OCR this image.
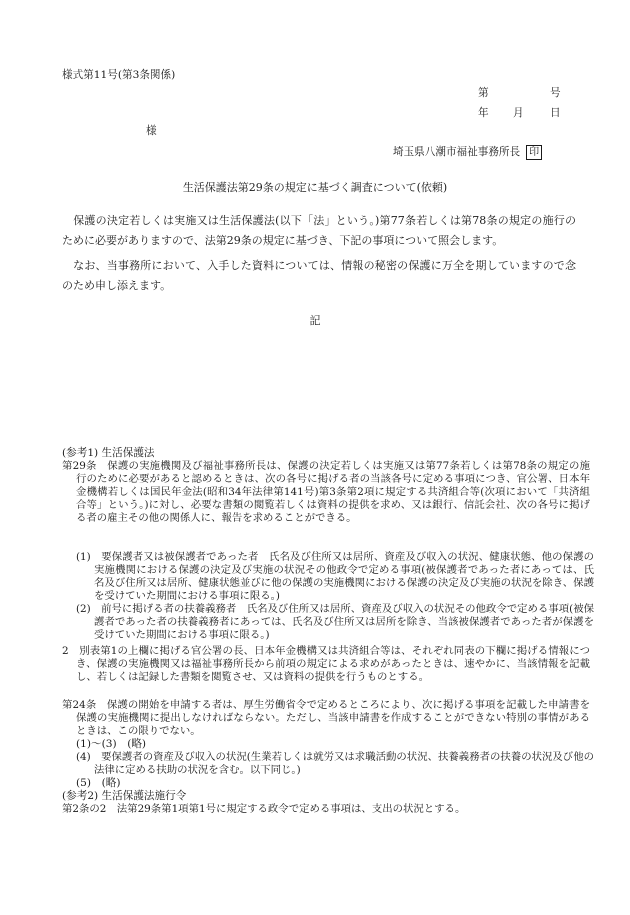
様式第11号(第3条関係)
第	号
年 月 日
様
埼玉県八潮市福祉事務所長 印
生活保護法第29条の規定に基づく調査について(依頼)
　保護の決定若しくは実施又は生活保護法(以下「法」という。)第77条若しくは第78条の規定の施行のために必要がありますので、法第29条の規定に基づき、下記の事項について照会します。
　なお、当事務所において、入手した資料については、情報の秘密の保護に万全を期していますので念のため申し添えます。
記
(参考1) 生活保護法
第29条　保護の実施機関及び福祉事務所長は、保護の決定若しくは実施又は第77条若しくは第78条の規定の施行のために必要があると認めるときは、次の各号に掲げる者の当該各号に定める事項につき、官公署、日本年金機構若しくは国民年金法(昭和34年法律第141号)第3条第2項に規定する共済組合等(次項において「共済組合等」という。)に対し、必要な書類の閲覧若しくは資料の提供を求め、又は銀行、信託会社、次の各号に掲げる者の雇主その他の関係人に、報告を求めることができる。
(1)　要保護者又は被保護者であった者　氏名及び住所又は居所、資産及び収入の状況、健康状態、他の保護の実施機関における保護の決定及び実施の状況その他政令で定める事項(被保護者であった者にあっては、氏名及び住所又は居所、健康状態並びに他の保護の実施機関における保護の決定及び実施の状況を除き、保護を受けていた期間における事項に限る。)
(2)　前号に掲げる者の扶養義務者　氏名及び住所又は居所、資産及び収入の状況その他政令で定める事項(被保護者であった者の扶養義務者にあっては、氏名及び住所又は居所を除き、当該被保護者であった者が保護を受けていた期間における事項に限る。)
2　別表第1の上欄に掲げる官公署の長、日本年金機構又は共済組合等は、それぞれ同表の下欄に掲げる情報につき、保護の実施機関又は福祉事務所長から前項の規定による求めがあったときは、速やかに、当該情報を記載し、若しくは記録した書類を閲覧させ、又は資料の提供を行うものとする。
第24条　保護の開始を申請する者は、厚生労働省令で定めるところにより、次に掲げる事項を記載した申請書を保護の実施機関に提出しなければならない。ただし、当該申請書を作成することができない特別の事情があるときは、この限りでない。
(1)～(3)　(略)
(4)　要保護者の資産及び収入の状況(生業若しくは就労又は求職活動の状況、扶養義務者の扶養の状況及び他の法律に定める扶助の状況を含む。以下同じ。)
(5)　(略)
(参考2) 生活保護法施行令
第2条の2　法第29条第1項第1号に規定する政令で定める事項は、支出の状況とする。
